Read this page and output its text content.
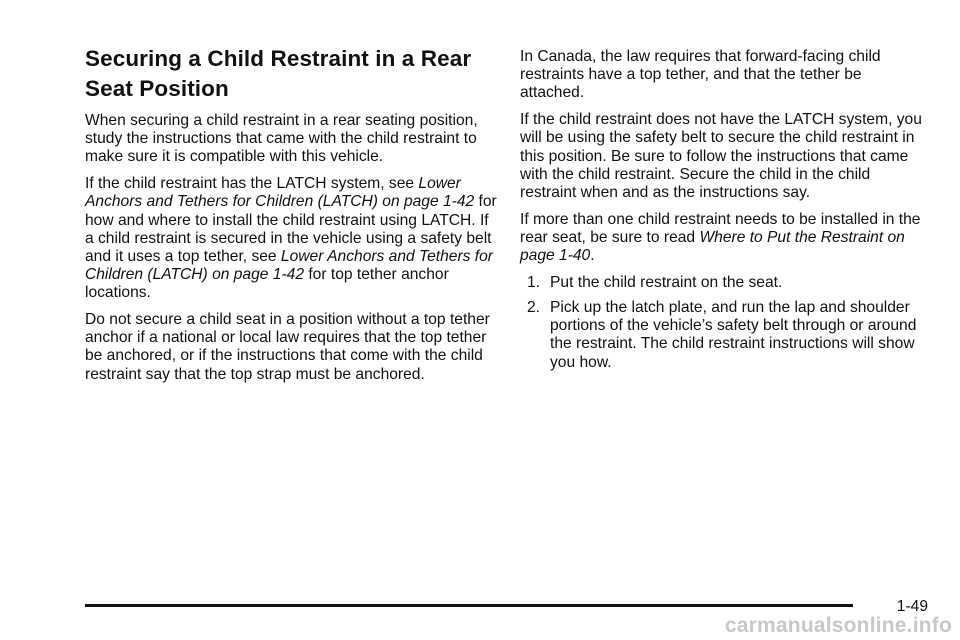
Securing a Child Restraint in a Rear Seat Position

When securing a child restraint in a rear seating position, study the instructions that came with the child restraint to make sure it is compatible with this vehicle.

If the child restraint has the LATCH system, see Lower Anchors and Tethers for Children (LATCH) on page 1-42 for how and where to install the child restraint using LATCH. If a child restraint is secured in the vehicle using a safety belt and it uses a top tether, see Lower Anchors and Tethers for Children (LATCH) on page 1-42 for top tether anchor locations.

Do not secure a child seat in a position without a top tether anchor if a national or local law requires that the top tether be anchored, or if the instructions that come with the child restraint say that the top strap must be anchored.

In Canada, the law requires that forward-facing child restraints have a top tether, and that the tether be attached.

If the child restraint does not have the LATCH system, you will be using the safety belt to secure the child restraint in this position. Be sure to follow the instructions that came with the child restraint. Secure the child in the child restraint when and as the instructions say.

If more than one child restraint needs to be installed in the rear seat, be sure to read Where to Put the Restraint on page 1-40.

1. Put the child restraint on the seat.
2. Pick up the latch plate, and run the lap and shoulder portions of the vehicle’s safety belt through or around the restraint. The child restraint instructions will show you how.
1-49
carmanualsonline.info
